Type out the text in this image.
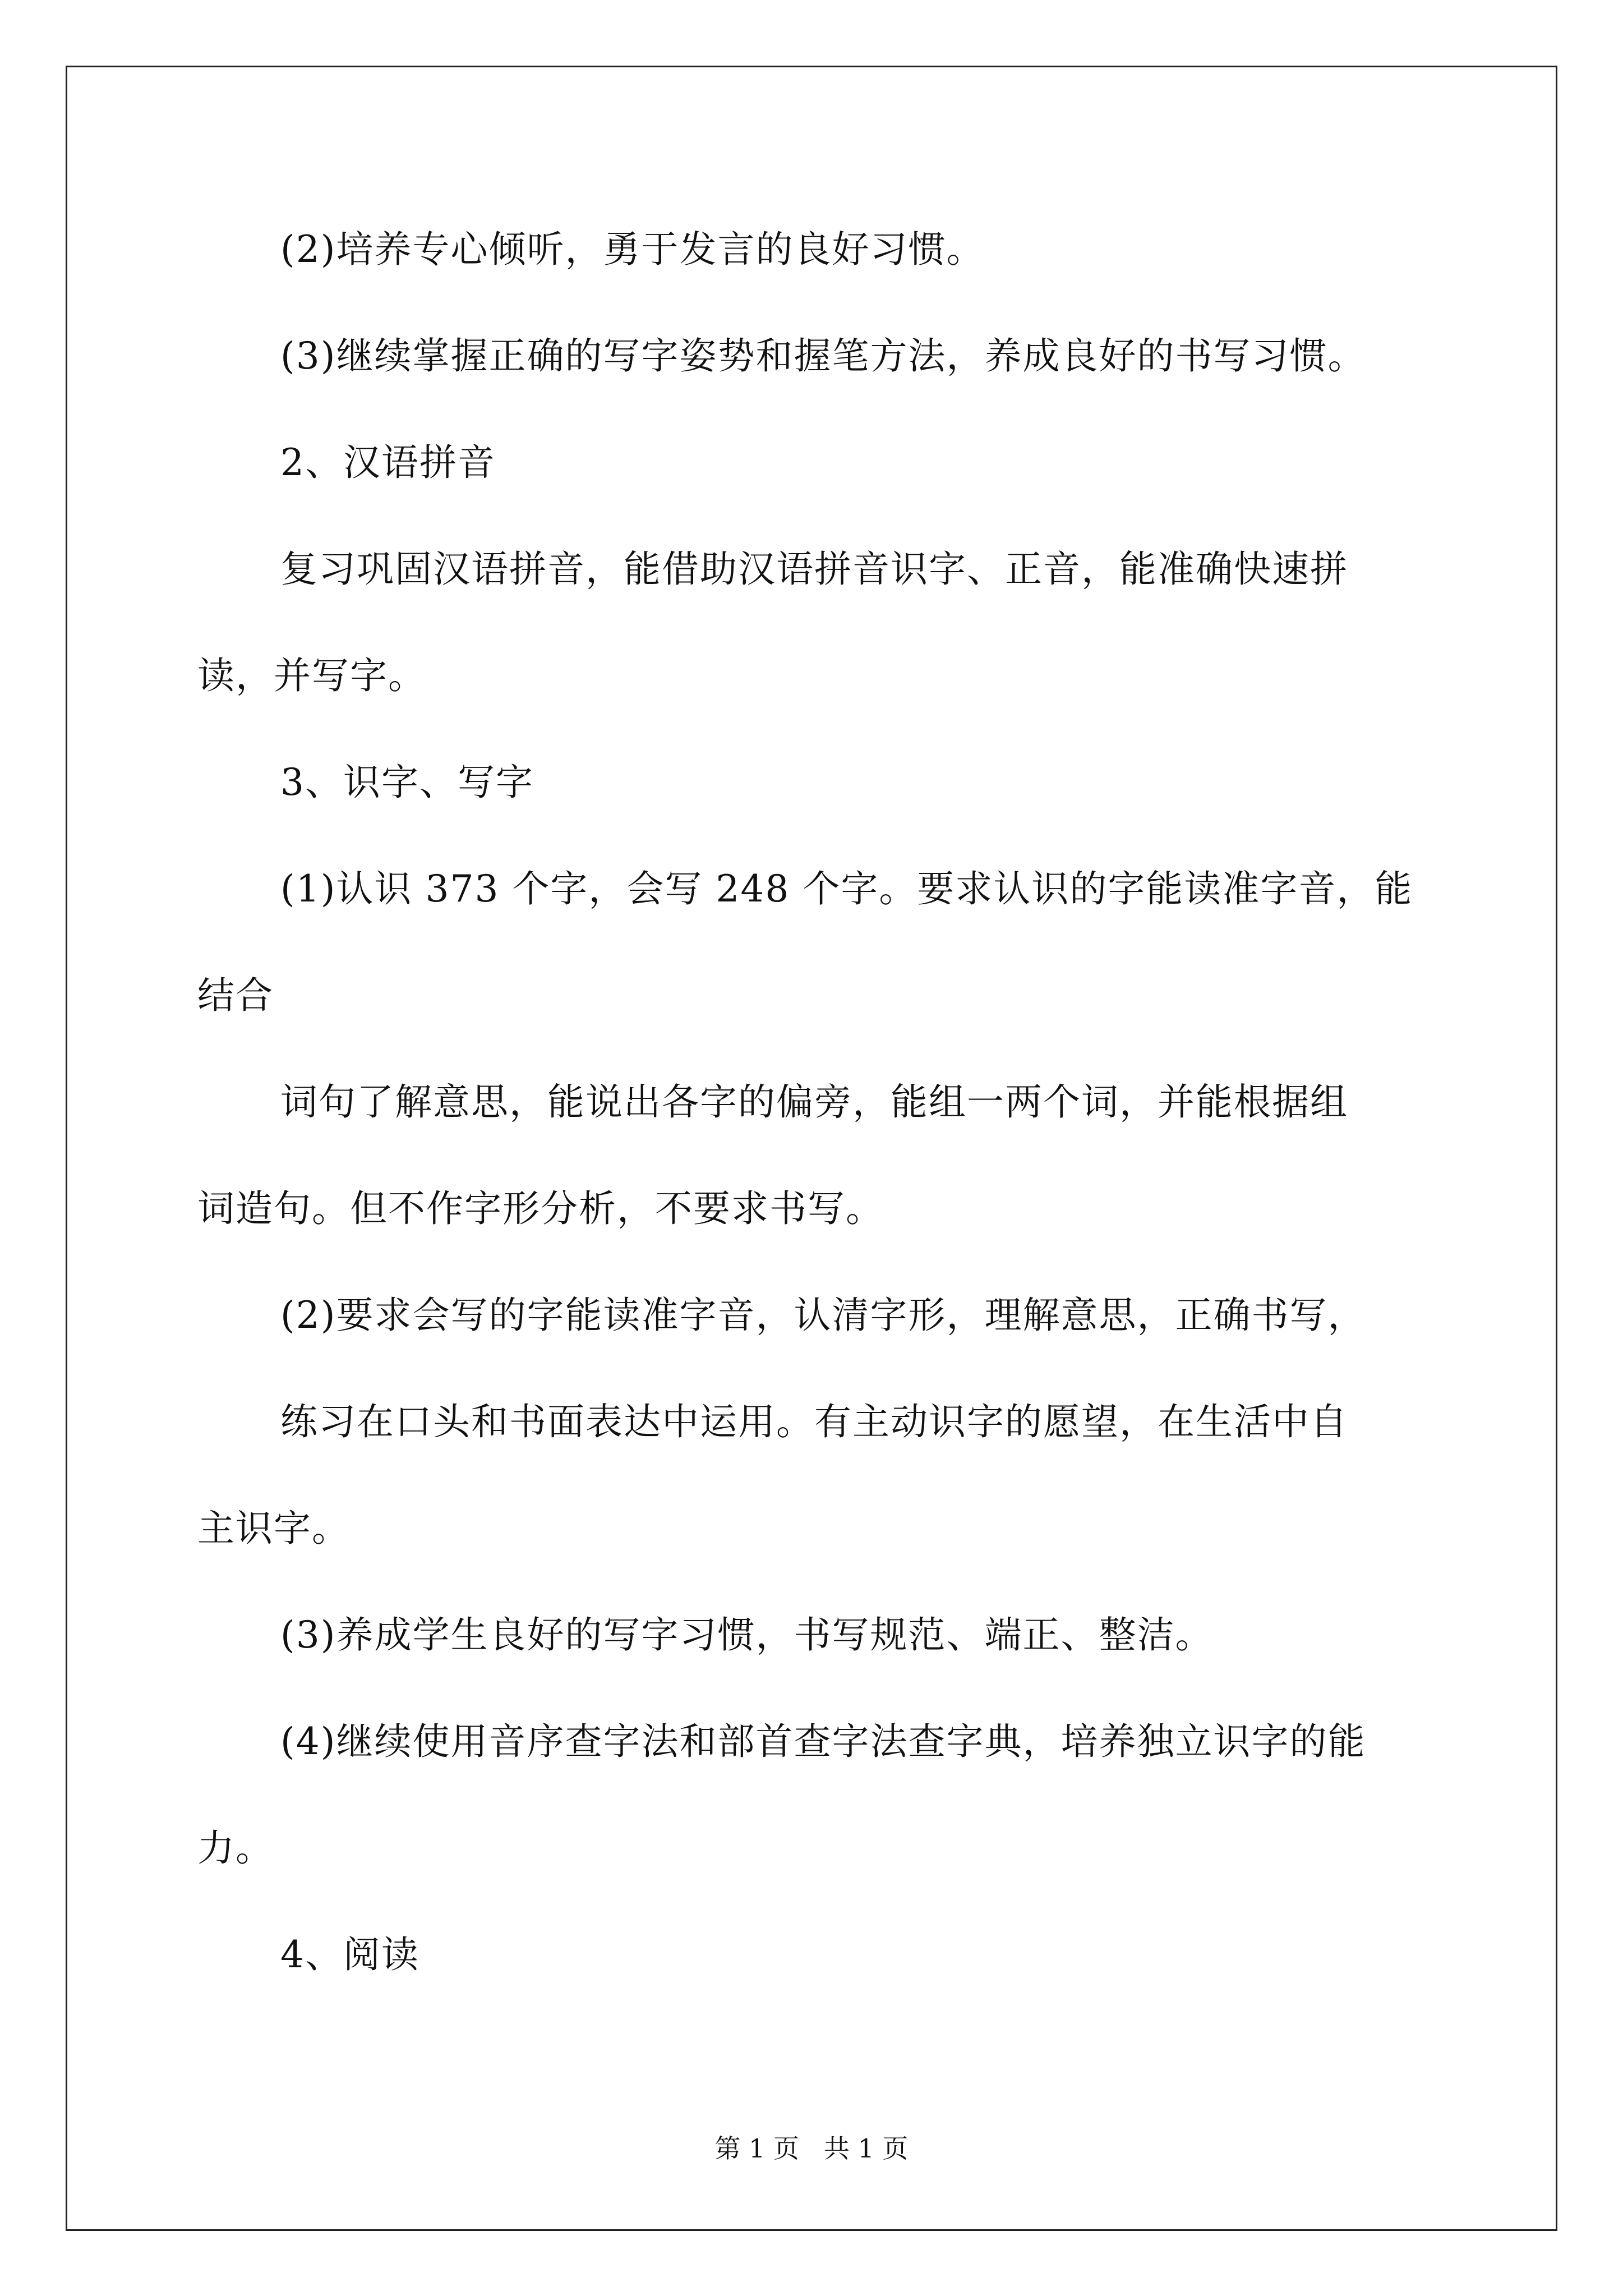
(2)培养专心倾听，勇于发言的良好习惯。
(3)继续掌握正确的写字姿势和握笔方法，养成良好的书写习惯。
2、汉语拼音
复习巩固汉语拼音，能借助汉语拼音识字、正音，能准确快速拼
读，并写字。
3、识字、写字
(1)认识 373 个字，会写 248 个字。要求认识的字能读准字音，能
结合
词句了解意思，能说出各字的偏旁，能组一两个词，并能根据组
词造句。但不作字形分析，不要求书写。
(2)要求会写的字能读准字音，认清字形，理解意思，正确书写，
练习在口头和书面表达中运用。有主动识字的愿望，在生活中自
主识字。
(3)养成学生良好的写字习惯，书写规范、端正、整洁。
(4)继续使用音序查字法和部首查字法查字典，培养独立识字的能
力。
4、阅读
第 1 页   共 1 页
